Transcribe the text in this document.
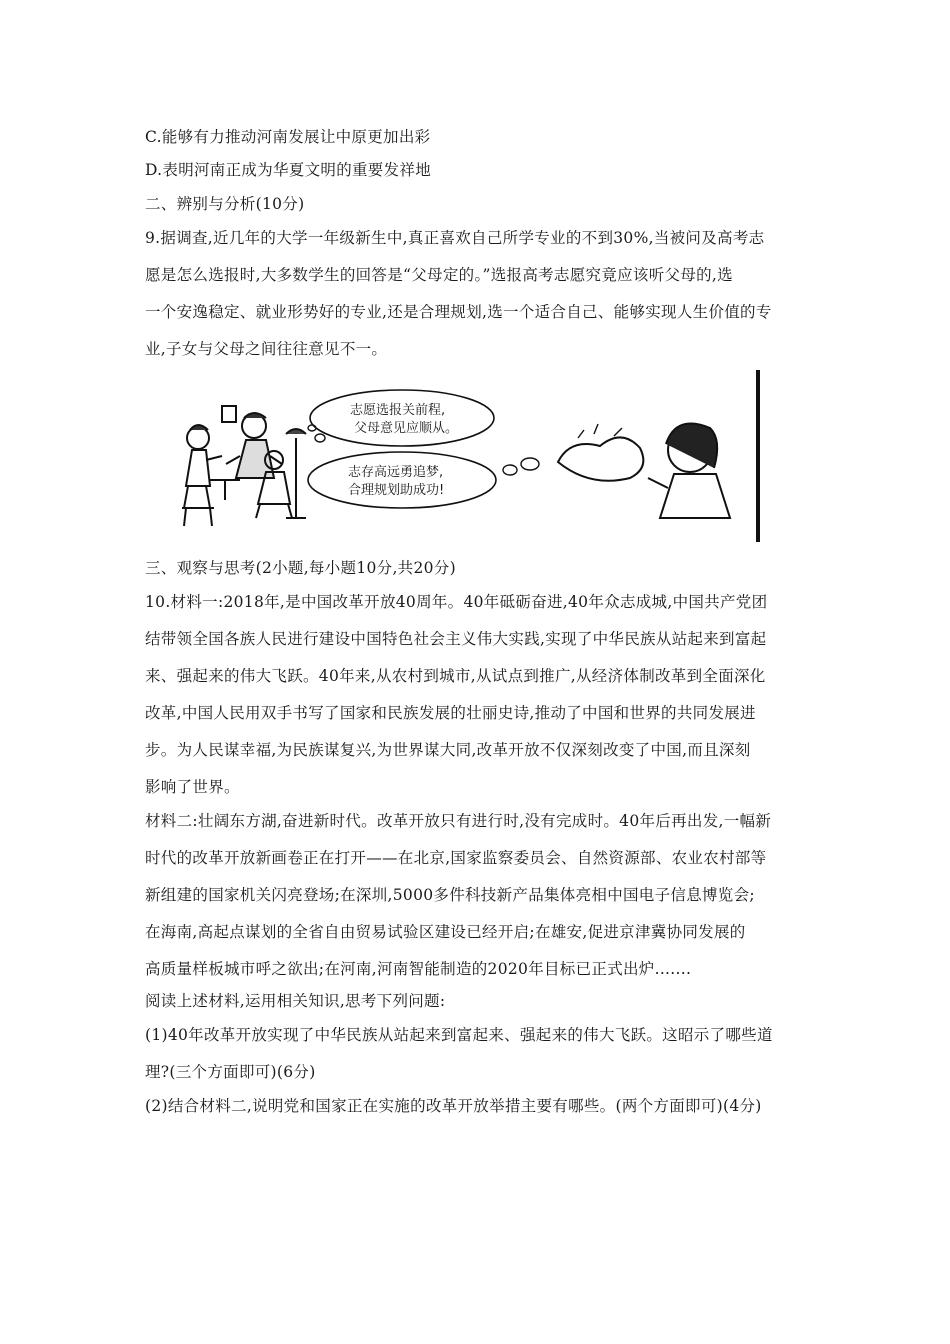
C.能够有力推动河南发展让中原更加出彩
D.表明河南正成为华夏文明的重要发祥地
二、辨别与分析(10分)
9.据调查,近几年的大学一年级新生中,真正喜欢自己所学专业的不到30%,当被问及高考志
愿是怎么选报时,大多数学生的回答是“父母定的。”选报高考志愿究竟应该听父母的,选
一个安逸稳定、就业形势好的专业,还是合理规划,选一个适合自己、能够实现人生价值的专
业,子女与父母之间往往意见不一。
志愿选报关前程,
父母意见应顺从。
志存高远勇追梦,
合理规划助成功!
三、观察与思考(2小题,每小题10分,共20分)
10.材料一:2018年,是中国改革开放40周年。40年砥砺奋进,40年众志成城,中国共产党团
结带领全国各族人民进行建设中国特色社会主义伟大实践,实现了中华民族从站起来到富起
来、强起来的伟大飞跃。40年来,从农村到城市,从试点到推广,从经济体制改革到全面深化
改革,中国人民用双手书写了国家和民族发展的壮丽史诗,推动了中国和世界的共同发展进
步。为人民谋幸福,为民族谋复兴,为世界谋大同,改革开放不仅深刻改变了中国,而且深刻
影响了世界。
材料二:壮阔东方湖,奋进新时代。改革开放只有进行时,没有完成时。40年后再出发,一幅新
时代的改革开放新画卷正在打开——在北京,国家监察委员会、自然资源部、农业农村部等
新组建的国家机关闪亮登场;在深圳,5000多件科技新产品集体亮相中国电子信息博览会;
在海南,高起点谋划的全省自由贸易试验区建设已经开启;在雄安,促进京津冀协同发展的
高质量样板城市呼之欲出;在河南,河南智能制造的2020年目标已正式出炉.......
阅读上述材料,运用相关知识,思考下列问题:
(1)40年改革开放实现了中华民族从站起来到富起来、强起来的伟大飞跃。这昭示了哪些道
理?(三个方面即可)(6分)
(2)结合材料二,说明党和国家正在实施的改革开放举措主要有哪些。(两个方面即可)(4分)
